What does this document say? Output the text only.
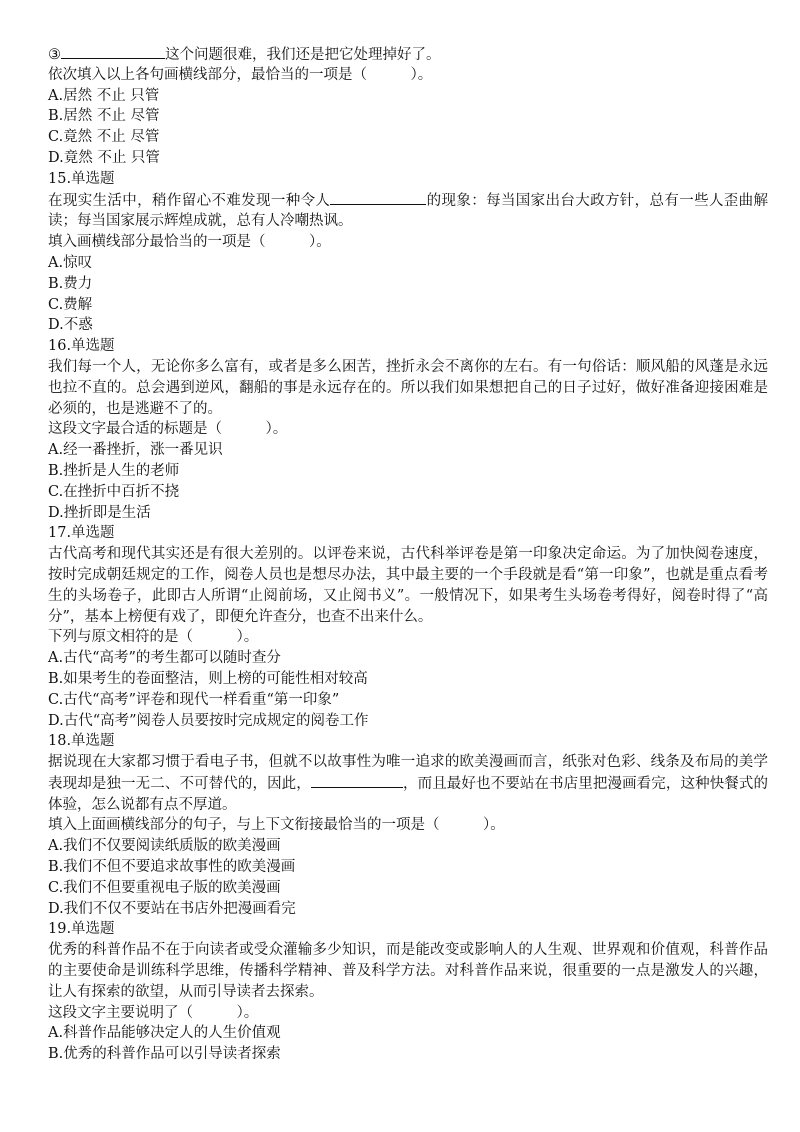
③	这个问题很难，我们还是把它处理掉好了。
依次填入以上各句画横线部分，最恰当的一项是（　　　）。
A.居然 不止 只管
B.居然 不止 尽管
C.竟然 不止 尽管
D.竟然 不止 只管
15.单选题
在现实生活中，稍作留心不难发现一种令人	的现象：每当国家出台大政方针，总有一些人歪曲解读；每当国家展示辉煌成就，总有人冷嘲热讽。
填入画横线部分最恰当的一项是（　　　）。
A.惊叹
B.费力
C.费解
D.不惑
16.单选题
我们每一个人，无论你多么富有，或者是多么困苦，挫折永会不离你的左右。有一句俗话：顺风船的风蓬是永远也拉不直的。总会遇到逆风，翻船的事是永远存在的。所以我们如果想把自己的日子过好，做好准备迎接困难是必须的，也是逃避不了的。
这段文字最合适的标题是（　　　）。
A.经一番挫折，涨一番见识
B.挫折是人生的老师
C.在挫折中百折不挠
D.挫折即是生活
17.单选题
古代高考和现代其实还是有很大差别的。以评卷来说，古代科举评卷是第一印象决定命运。为了加快阅卷速度，按时完成朝廷规定的工作，阅卷人员也是想尽办法，其中最主要的一个手段就是看“第一印象”，也就是重点看考生的头场卷子，此即古人所谓“止阅前场，又止阅书义”。一般情况下，如果考生头场卷考得好，阅卷时得了“高分”，基本上榜便有戏了，即便允许查分，也查不出来什么。
下列与原文相符的是（　　　）。
A.古代“高考”的考生都可以随时查分
B.如果考生的卷面整洁，则上榜的可能性相对较高
C.古代“高考”评卷和现代一样看重“第一印象”
D.古代“高考”阅卷人员要按时完成规定的阅卷工作
18.单选题
据说现在大家都习惯于看电子书，但就不以故事性为唯一追求的欧美漫画而言，纸张对色彩、线条及布局的美学表现却是独一无二、不可替代的，因此，	，而且最好也不要站在书店里把漫画看完，这种快餐式的体验，怎么说都有点不厚道。
填入上面画横线部分的句子，与上下文衔接最恰当的一项是（　　　）。
A.我们不仅要阅读纸质版的欧美漫画
B.我们不但不要追求故事性的欧美漫画
C.我们不但要重视电子版的欧美漫画
D.我们不仅不要站在书店外把漫画看完
19.单选题
优秀的科普作品不在于向读者或受众灌输多少知识，而是能改变或影响人的人生观、世界观和价值观，科普作品的主要使命是训练科学思维，传播科学精神、普及科学方法。对科普作品来说，很重要的一点是激发人的兴趣，让人有探索的欲望，从而引导读者去探索。
这段文字主要说明了（　　　）。
A.科普作品能够决定人的人生价值观
B.优秀的科普作品可以引导读者探索
